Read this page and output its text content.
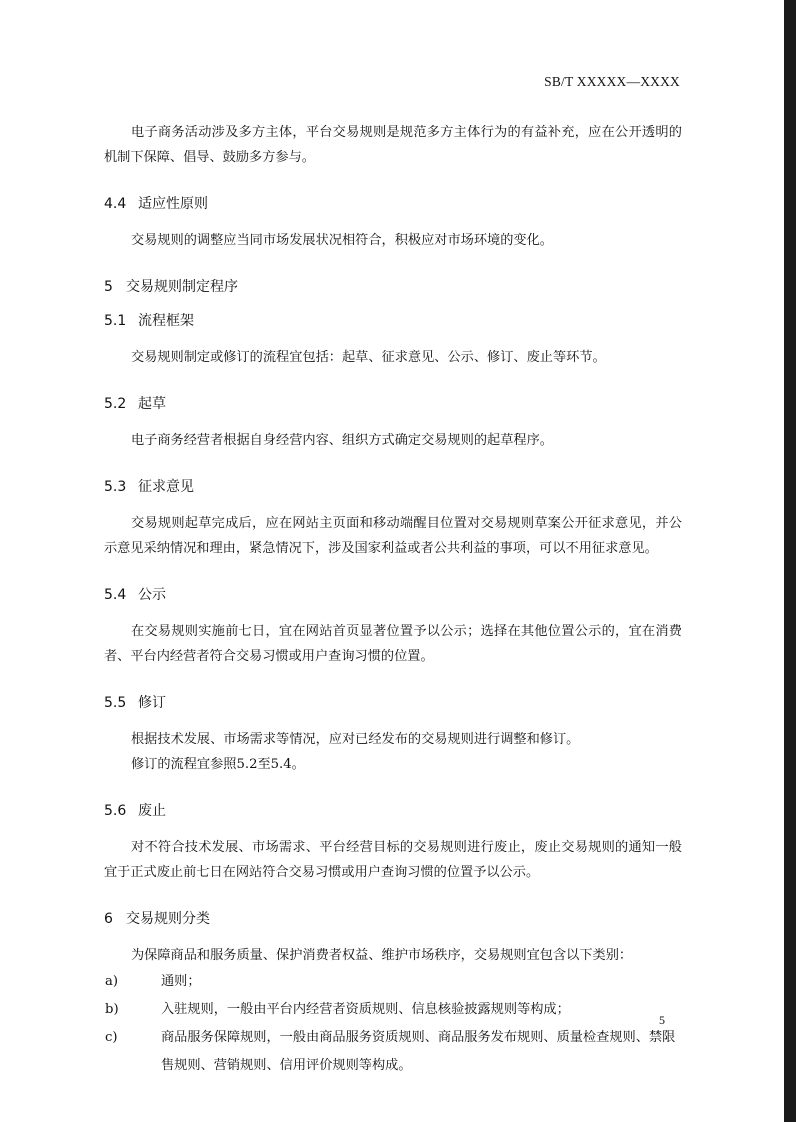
SB/T XXXXX—XXXX

电子商务活动涉及多方主体，平台交易规则是规范多方主体行为的有益补充，应在公开透明的机制下保障、倡导、鼓励多方参与。

4.4 适应性原则

交易规则的调整应当同市场发展状况相符合，积极应对市场环境的变化。

5 交易规则制定程序
5.1 流程框架

交易规则制定或修订的流程宜包括：起草、征求意见、公示、修订、废止等环节。

5.2 起草

电子商务经营者根据自身经营内容、组织方式确定交易规则的起草程序。

5.3 征求意见

交易规则起草完成后，应在网站主页面和移动端醒目位置对交易规则草案公开征求意见，并公示意见采纳情况和理由，紧急情况下，涉及国家利益或者公共利益的事项，可以不用征求意见。

5.4 公示

在交易规则实施前七日，宜在网站首页显著位置予以公示；选择在其他位置公示的，宜在消费者、平台内经营者符合交易习惯或用户查询习惯的位置。

5.5 修订

根据技术发展、市场需求等情况，应对已经发布的交易规则进行调整和修订。

修订的流程宜参照5.2至5.4。

5.6 废止

对不符合技术发展、市场需求、平台经营目标的交易规则进行废止，废止交易规则的通知一般宜于正式废止前七日在网站符合交易习惯或用户查询习惯的位置予以公示。

6 交易规则分类

为保障商品和服务质量、保护消费者权益、维护市场秩序，交易规则宜包含以下类别：

a)	通则；
b)	入驻规则，一般由平台内经营者资质规则、信息核验披露规则等构成；
c)	商品服务保障规则，一般由商品服务资质规则、商品服务发布规则、质量检查规则、禁限售规则、营销规则、信用评价规则等构成。
5
